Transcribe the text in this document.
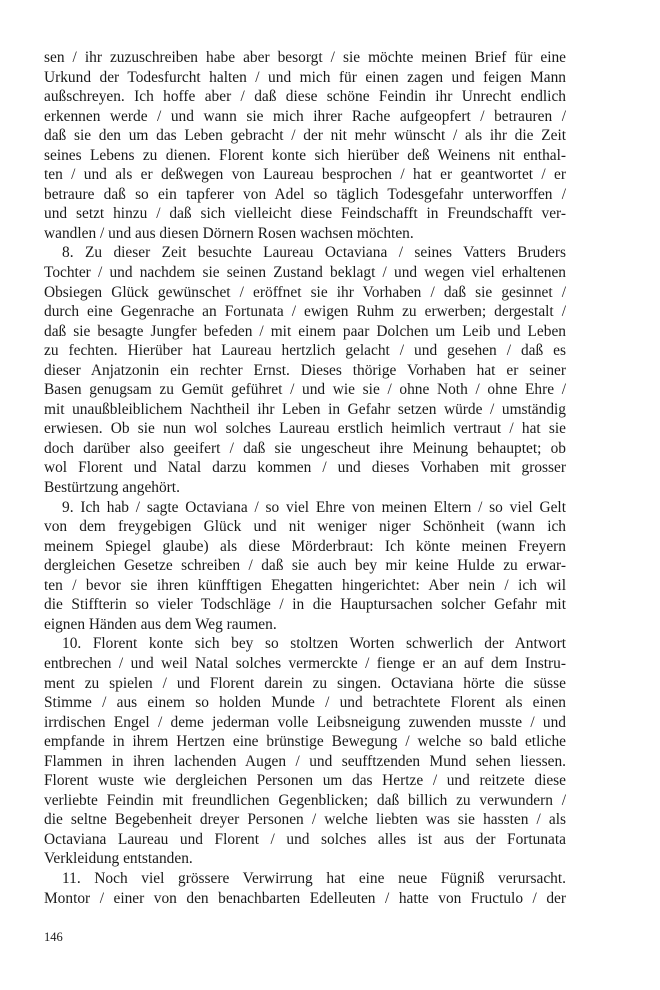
sen / ihr zuzuschreiben habe aber besorgt / sie möchte meinen Brief für eine
Urkund der Todesfurcht halten / und mich für einen zagen und feigen Mann
außschreyen. Ich hoffe aber / daß diese schöne Feindin ihr Unrecht endlich
erkennen werde / und wann sie mich ihrer Rache aufgeopfert / betrauren /
daß sie den um das Leben gebracht / der nit mehr wünscht / als ihr die Zeit
seines Lebens zu dienen. Florent konte sich hierüber deß Weinens nit enthal-
ten / und als er deßwegen von Laureau besprochen / hat er geantwortet / er
betraure daß so ein tapferer von Adel so täglich Todesgefahr unterworffen /
und setzt hinzu / daß sich vielleicht diese Feindschafft in Freundschafft ver-
wandlen / und aus diesen Dörnern Rosen wachsen möchten.
8. Zu dieser Zeit besuchte Laureau Octaviana / seines Vatters Bruders
Tochter / und nachdem sie seinen Zustand beklagt / und wegen viel erhaltenen
Obsiegen Glück gewünschet / eröffnet sie ihr Vorhaben / daß sie gesinnet /
durch eine Gegenrache an Fortunata / ewigen Ruhm zu erwerben; dergestalt /
daß sie besagte Jungfer befeden / mit einem paar Dolchen um Leib und Leben
zu fechten. Hierüber hat Laureau hertzlich gelacht / und gesehen / daß es
dieser Anjatzonin ein rechter Ernst. Dieses thörige Vorhaben hat er seiner
Basen genugsam zu Gemüt geführet / und wie sie / ohne Noth / ohne Ehre /
mit unaußbleiblichem Nachtheil ihr Leben in Gefahr setzen würde / umständig
erwiesen. Ob sie nun wol solches Laureau erstlich heimlich vertraut / hat sie
doch darüber also geeifert / daß sie ungescheut ihre Meinung behauptet; ob
wol Florent und Natal darzu kommen / und dieses Vorhaben mit grosser
Bestürtzung angehört.
9. Ich hab / sagte Octaviana / so viel Ehre von meinen Eltern / so viel Gelt
von dem freygebigen Glück und nit weniger niger Schönheit (wann ich
meinem Spiegel glaube) als diese Mörderbraut: Ich könte meinen Freyern
dergleichen Gesetze schreiben / daß sie auch bey mir keine Hulde zu erwar-
ten / bevor sie ihren künfftigen Ehegatten hingerichtet: Aber nein / ich wil
die Stiffterin so vieler Todschläge / in die Hauptursachen solcher Gefahr mit
eignen Händen aus dem Weg raumen.
10. Florent konte sich bey so stoltzen Worten schwerlich der Antwort
entbrechen / und weil Natal solches vermerckte / fienge er an auf dem Instru-
ment zu spielen / und Florent darein zu singen. Octaviana hörte die süsse
Stimme / aus einem so holden Munde / und betrachtete Florent als einen
irrdischen Engel / deme jederman volle Leibsneigung zuwenden musste / und
empfande in ihrem Hertzen eine brünstige Bewegung / welche so bald etliche
Flammen in ihren lachenden Augen / und seufftzenden Mund sehen liessen.
Florent wuste wie dergleichen Personen um das Hertze / und reitzete diese
verliebte Feindin mit freundlichen Gegenblicken; daß billich zu verwundern /
die seltne Begebenheit dreyer Personen / welche liebten was sie hassten / als
Octaviana Laureau und Florent / und solches alles ist aus der Fortunata
Verkleidung entstanden.
11. Noch viel grössere Verwirrung hat eine neue Fügniß verursacht.
Montor / einer von den benachbarten Edelleuten / hatte von Fructulo / der
146
